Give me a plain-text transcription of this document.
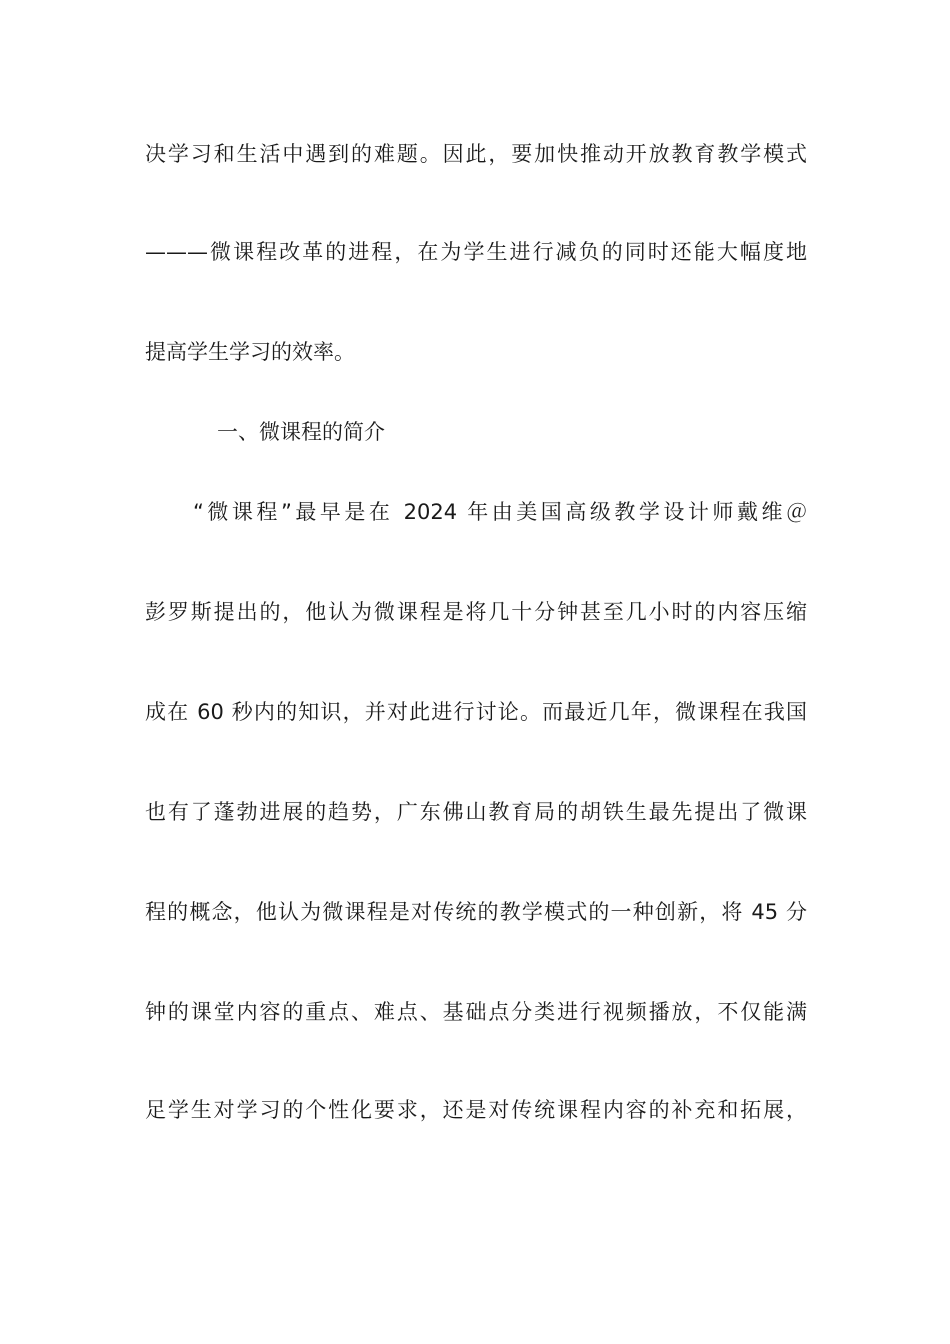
决学习和生活中遇到的难题。因此，要加快推动开放教育教学模式
———微课程改革的进程，在为学生进行减负的同时还能大幅度地
提高学生学习的效率。
一、微课程的简介
“微课程”最早是在 2024 年由美国高级教学设计师戴维＠
彭罗斯提出的，他认为微课程是将几十分钟甚至几小时的内容压缩
成在 60 秒内的知识，并对此进行讨论。而最近几年，微课程在我国
也有了蓬勃进展的趋势，广东佛山教育局的胡铁生最先提出了微课
程的概念，他认为微课程是对传统的教学模式的一种创新，将 45 分
钟的课堂内容的重点、难点、基础点分类进行视频播放，不仅能满
足学生对学习的个性化要求，还是对传统课程内容的补充和拓展，
